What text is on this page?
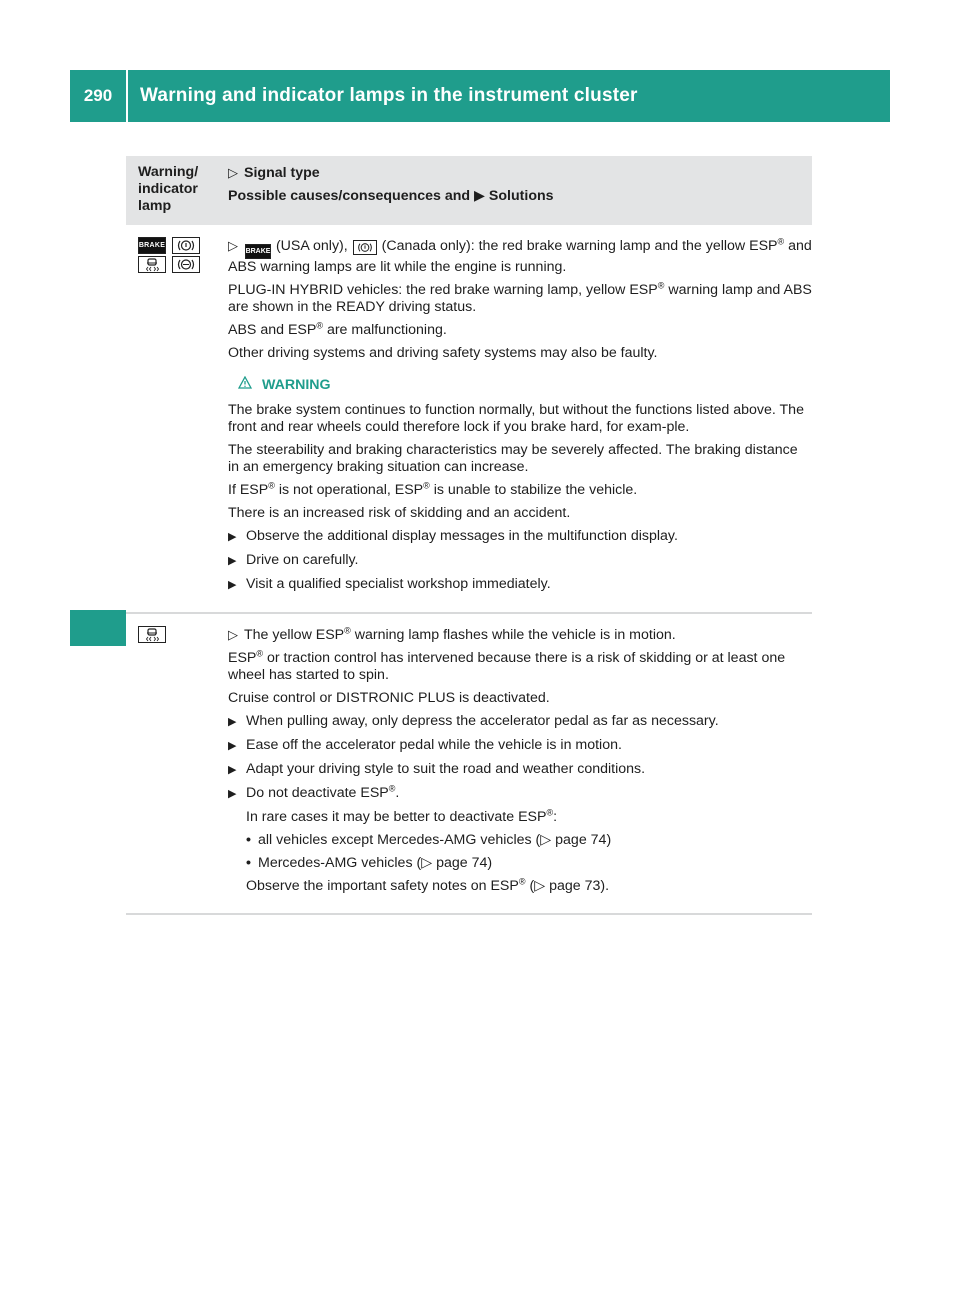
290	Warning and indicator lamps in the instrument cluster
On-board computer and displays
Warning/
indicator
lamp
▷ Signal type
Possible causes/consequences and ▶ Solutions
BRAKE	▷ BRAKE (USA only), (Canada only): the red brake warning lamp and the yellow ESP® and ABS warning lamps are lit while the engine is running.
PLUG-IN HYBRID vehicles: the red brake warning lamp, yellow ESP® warning lamp and ABS are shown in the READY driving status.
ABS and ESP® are malfunctioning.
Other driving systems and driving safety systems may also be faulty.
WARNING
The brake system continues to function normally, but without the functions listed above. The front and rear wheels could therefore lock if you brake hard, for exam-ple.
The steerability and braking characteristics may be severely affected. The braking distance in an emergency braking situation can increase.
If ESP® is not operational, ESP® is unable to stabilize the vehicle.
There is an increased risk of skidding and an accident.
▶ Observe the additional display messages in the multifunction display.
▶ Drive on carefully.
▶ Visit a qualified specialist workshop immediately.
▷ The yellow ESP® warning lamp flashes while the vehicle is in motion.
ESP® or traction control has intervened because there is a risk of skidding or at least one wheel has started to spin.
Cruise control or DISTRONIC PLUS is deactivated.
▶ When pulling away, only depress the accelerator pedal as far as necessary.
▶ Ease off the accelerator pedal while the vehicle is in motion.
▶ Adapt your driving style to suit the road and weather conditions.
▶ Do not deactivate ESP®.
In rare cases it may be better to deactivate ESP®:
• all vehicles except Mercedes-AMG vehicles (▷ page 74)
• Mercedes-AMG vehicles (▷ page 74)
Observe the important safety notes on ESP® (▷ page 73).
